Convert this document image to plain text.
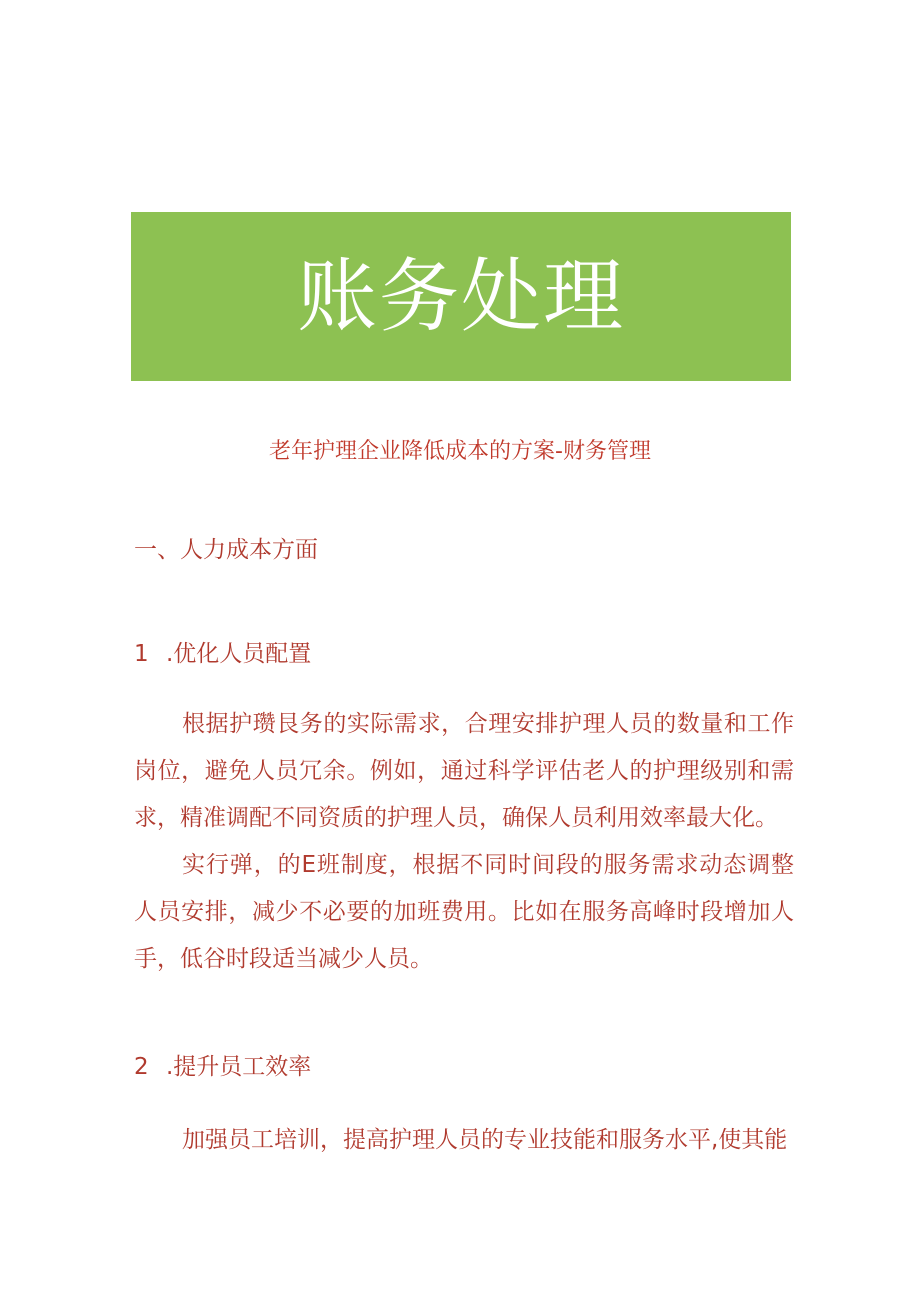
账务处理
老年护理企业降低成本的方案-财务管理
一、人力成本方面
1 .优化人员配置

根据护瓒艮务的实际需求，合理安排护理人员的数量和工作岗位，避免人员冗余。例如，通过科学评估老人的护理级别和需求，精准调配不同资质的护理人员，确保人员利用效率最大化。

实行弹，的E班制度，根据不同时间段的服务需求动态调整人员安排，减少不必要的加班费用。比如在服务高峰时段增加人手，低谷时段适当减少人员。

2 .提升员工效率

加强员工培训，提高护理人员的专业技能和服务水平,使其能
